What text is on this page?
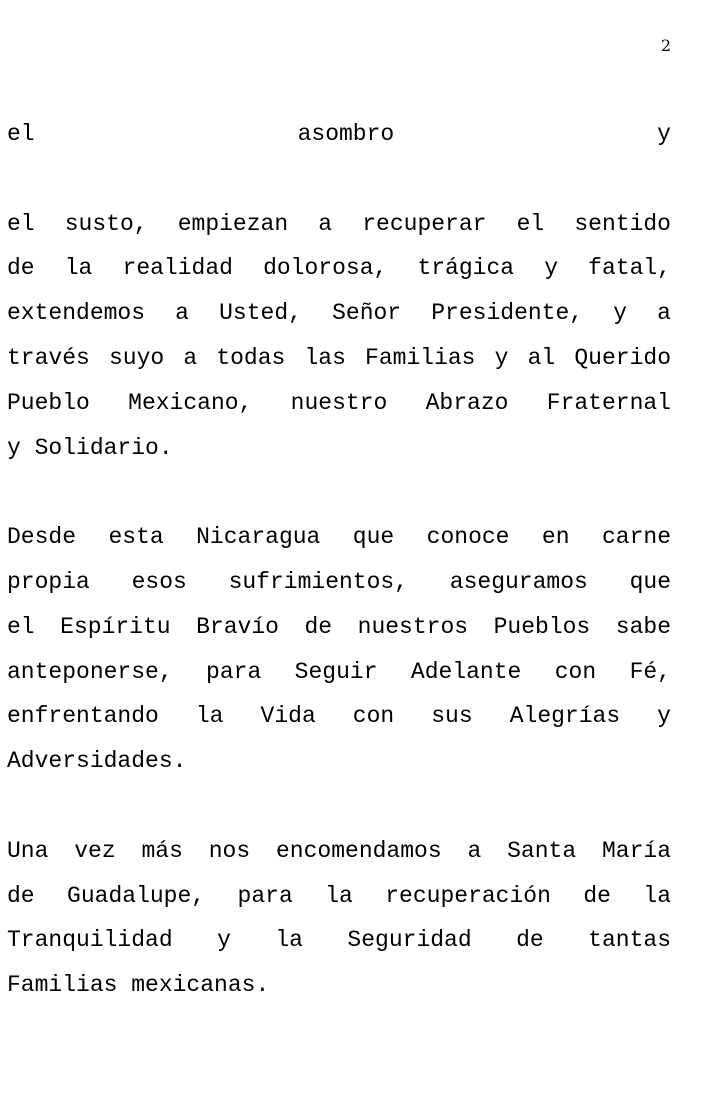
2
el asombro y
el susto, empiezan a recuperar el sentido
de la realidad dolorosa, trágica y fatal,
extendemos a Usted, Señor Presidente, y a
través suyo a todas las Familias y al Querido
Pueblo Mexicano, nuestro Abrazo Fraternal
y Solidario.
Desde esta Nicaragua que conoce en carne
propia esos sufrimientos, aseguramos que
el Espíritu Bravío de nuestros Pueblos sabe
anteponerse, para Seguir Adelante con Fé,
enfrentando la Vida con sus Alegrías y
Adversidades.
Una vez más nos encomendamos a Santa María
de Guadalupe, para la recuperación de la
Tranquilidad y la Seguridad de tantas
Familias mexicanas.
